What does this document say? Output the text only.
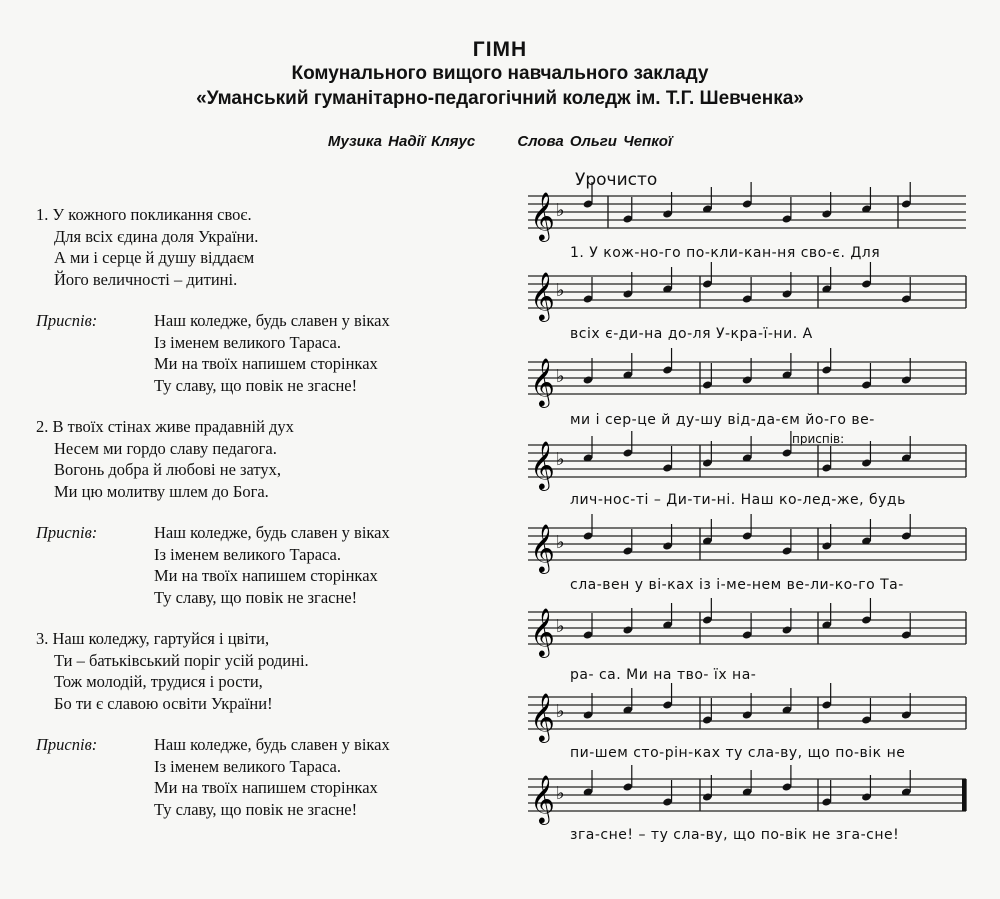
ГІМН
Комунального вищого навчального закладу
«Уманський гуманітарно-педагогічний коледж ім. Т.Г. Шевченка»
Музика Надії Кляус	Слова Ольги Чепкої
1. У кожного покликання своє.
Для всіх єдина доля України.
А ми і серце й душу віддаєм
Його величності – дитині.
Приспів:	Наш коледже, будь славен у віках
Із іменем великого Тараса.
Ми на твоїх напишем сторінках
Ту славу, що повік не згасне!
2. В твоїх стінах живе прадавній дух
Несем ми гордо славу педагога.
Вогонь добра й любові не затух,
Ми цю молитву шлем до Бога.
Приспів:	Наш коледже, будь славен у віках
Із іменем великого Тараса.
Ми на твоїх напишем сторінках
Ту славу, що повік не згасне!
3. Наш коледжу, гартуйся і цвіти,
Ти – батьківський поріг усій родині.
Тож молодій, трудися і рости,
Бо ти є славою освіти України!
Приспів:	Наш коледже, будь славен у віках
Із іменем великого Тараса.
Ми на твоїх напишем сторінках
Ту славу, що повік не згасне!
Урочисто
приспів:
𝄞 ♭
𝄞 ♭
𝄞 ♭
𝄞 ♭
𝄞 ♭
𝄞 ♭
𝄞 ♭
𝄞 ♭
1. У кож-но-го по-кли-кан-ня сво-є. Для
всіх є-ди-на до-ля У-кра-ї-ни. А
ми і сер-це й ду-шу від-да-єм йо-го ве-
лич-нос-ті – Ди-ти-ні. Наш ко-лед-же, будь
сла-вен у ві-ках із і-ме-нем ве-ли-ко-го Та-
ра- са. Ми на тво- їх на-
пи-шем сто-рін-ках ту сла-ву, що по-вік не
зга-сне! – ту сла-ву, що по-вік не зга-сне!
